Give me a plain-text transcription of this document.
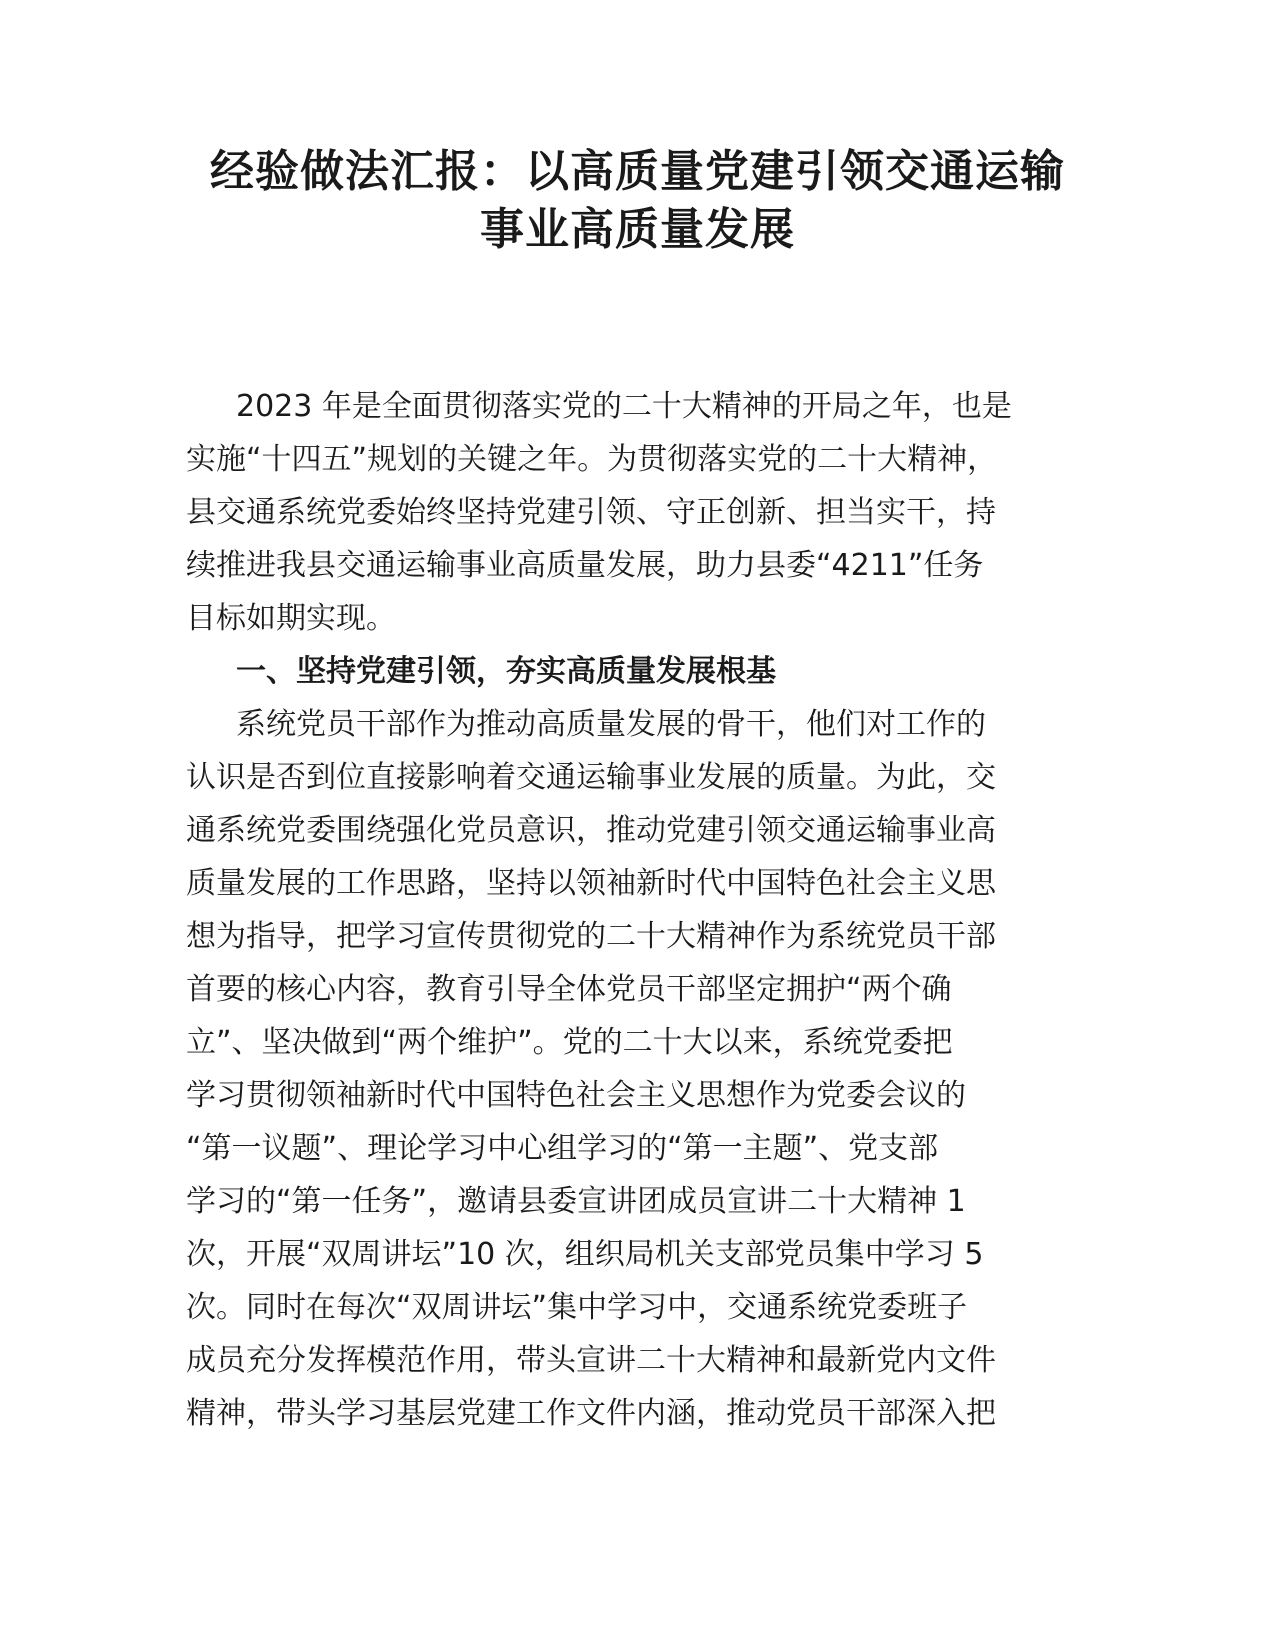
经验做法汇报：以高质量党建引领交通运输
事业高质量发展
2023 年是全面贯彻落实党的二十大精神的开局之年，也是
实施“十四五”规划的关键之年。为贯彻落实党的二十大精神，
县交通系统党委始终坚持党建引领、守正创新、担当实干，持
续推进我县交通运输事业高质量发展，助力县委“4211”任务
目标如期实现。
一、坚持党建引领，夯实高质量发展根基
系统党员干部作为推动高质量发展的骨干，他们对工作的
认识是否到位直接影响着交通运输事业发展的质量。为此，交
通系统党委围绕强化党员意识，推动党建引领交通运输事业高
质量发展的工作思路，坚持以领袖新时代中国特色社会主义思
想为指导，把学习宣传贯彻党的二十大精神作为系统党员干部
首要的核心内容，教育引导全体党员干部坚定拥护“两个确
立”、坚决做到“两个维护”。党的二十大以来，系统党委把
学习贯彻领袖新时代中国特色社会主义思想作为党委会议的
“第一议题”、理论学习中心组学习的“第一主题”、党支部
学习的“第一任务”，邀请县委宣讲团成员宣讲二十大精神 1
次，开展“双周讲坛”10 次，组织局机关支部党员集中学习 5
次。同时在每次“双周讲坛”集中学习中，交通系统党委班子
成员充分发挥模范作用，带头宣讲二十大精神和最新党内文件
精神，带头学习基层党建工作文件内涵，推动党员干部深入把
